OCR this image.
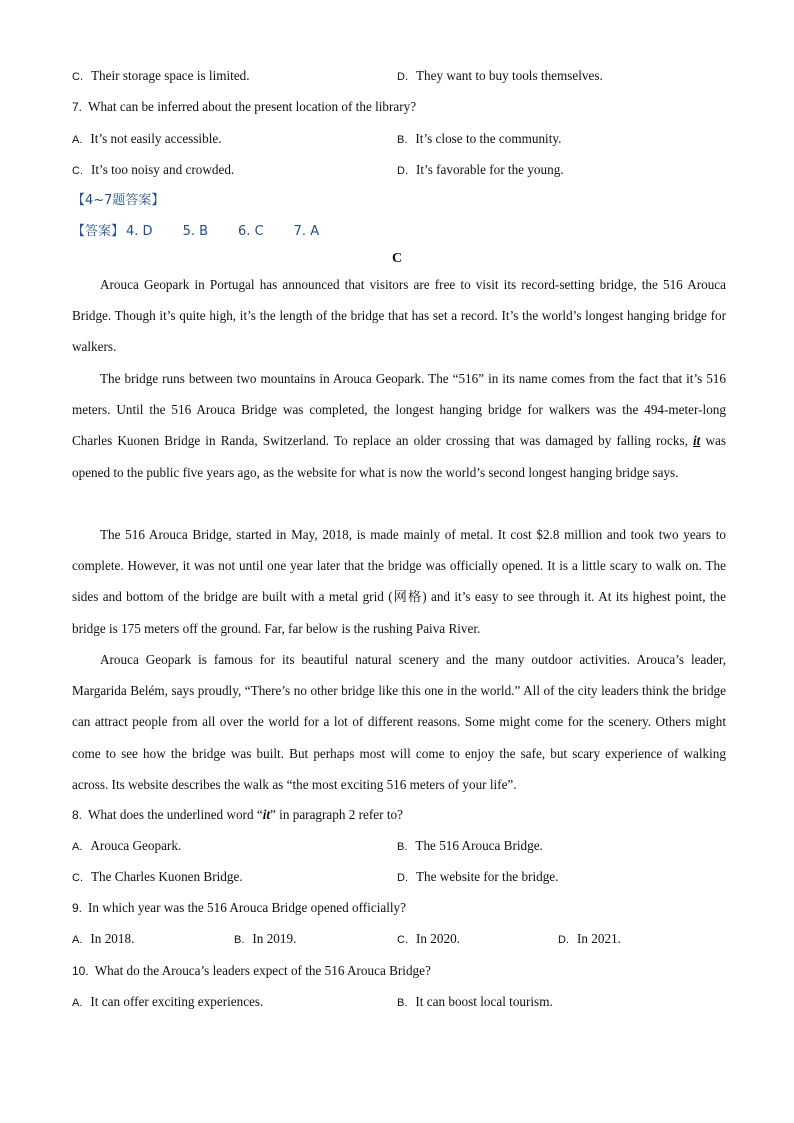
C. Their storage space is limited.	D. They want to buy tools themselves.
7. What can be inferred about the present location of the library?
A. It’s not easily accessible.	B. It’s close to the community.
C. It’s too noisy and crowded.	D. It’s favorable for the young.
【4~7题答案】
【答案】 4. D 5. B 6. C 7. A
C

Arouca Geopark in Portugal has announced that visitors are free to visit its record-setting bridge, the 516 Arouca Bridge. Though it’s quite high, it’s the length of the bridge that has set a record. It’s the world’s longest hanging bridge for walkers.

The bridge runs between two mountains in Arouca Geopark. The “516” in its name comes from the fact that it’s 516 meters. Until the 516 Arouca Bridge was completed, the longest hanging bridge for walkers was the 494-meter-long Charles Kuonen Bridge in Randa, Switzerland. To replace an older crossing that was damaged by falling rocks, it was opened to the public five years ago, as the website for what is now the world’s second longest hanging bridge says.

The 516 Arouca Bridge, started in May, 2018, is made mainly of metal. It cost $2.8 million and took two years to complete. However, it was not until one year later that the bridge was officially opened. It is a little scary to walk on. The sides and bottom of the bridge are built with a metal grid (网格) and it’s easy to see through it. At its highest point, the bridge is 175 meters off the ground. Far, far below is the rushing Paiva River.

Arouca Geopark is famous for its beautiful natural scenery and the many outdoor activities. Arouca’s leader, Margarida Belém, says proudly, “There’s no other bridge like this one in the world.” All of the city leaders think the bridge can attract people from all over the world for a lot of different reasons. Some might come for the scenery. Others might come to see how the bridge was built. But perhaps most will come to enjoy the safe, but scary experience of walking across. Its website describes the walk as “the most exciting 516 meters of your life”.

8. What does the underlined word “it” in paragraph 2 refer to?
A. Arouca Geopark.	B. The 516 Arouca Bridge.
C. The Charles Kuonen Bridge.	D. The website for the bridge.
9. In which year was the 516 Arouca Bridge opened officially?
A. In 2018.	B. In 2019.	C. In 2020.	D. In 2021.
10. What do the Arouca’s leaders expect of the 516 Arouca Bridge?
A. It can offer exciting experiences.	B. It can boost local tourism.
